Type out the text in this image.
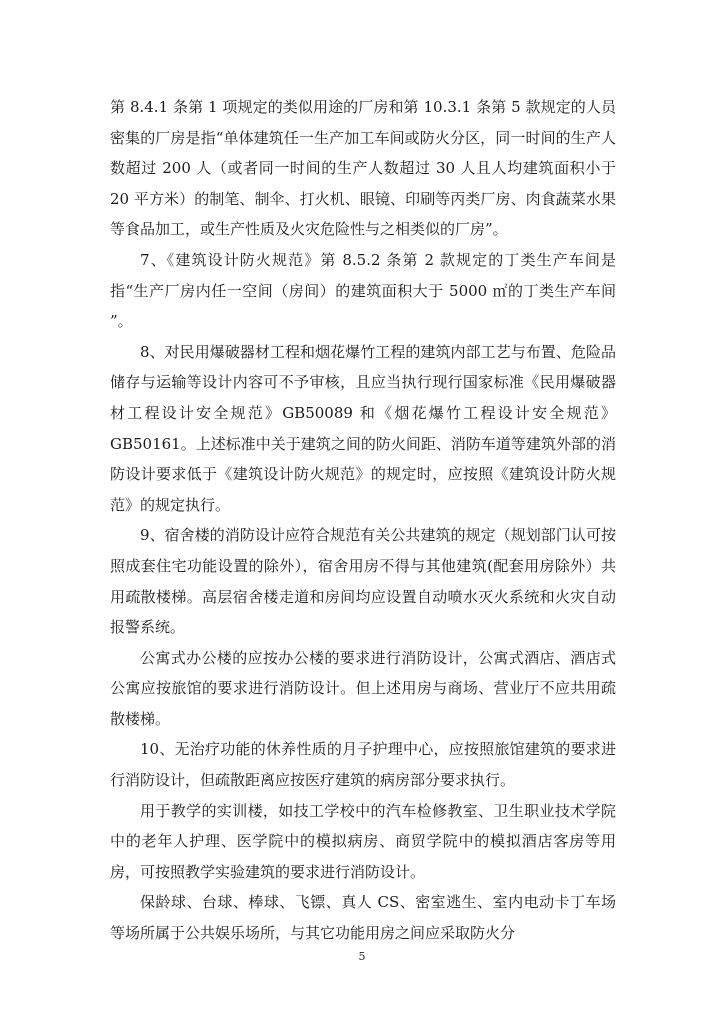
第 8.4.1 条第 1 项规定的类似用途的厂房和第 10.3.1 条第 5 款规定的人员密集的厂房是指“单体建筑任一生产加工车间或防火分区，同一时间的生产人数超过 200 人（或者同一时间的生产人数超过 30 人且人均建筑面积小于 20 平方米）的制笔、制伞、打火机、眼镜、印刷等丙类厂房、肉食蔬菜水果等食品加工，或生产性质及火灾危险性与之相类似的厂房”。

7、《建筑设计防火规范》第 8.5.2 条第 2 款规定的丁类生产车间是指“生产厂房内任一空间（房间）的建筑面积大于 5000 ㎡的丁类生产车间 ”。

8、对民用爆破器材工程和烟花爆竹工程的建筑内部工艺与布置、危险品储存与运输等设计内容可不予审核，且应当执行现行国家标准《民用爆破器材工程设计安全规范》GB50089 和《烟花爆竹工程设计安全规范》GB50161。上述标准中关于建筑之间的防火间距、消防车道等建筑外部的消防设计要求低于《建筑设计防火规范》的规定时，应按照《建筑设计防火规范》的规定执行。

9、宿舍楼的消防设计应符合规范有关公共建筑的规定（规划部门认可按照成套住宅功能设置的除外），宿舍用房不得与其他建筑(配套用房除外）共用疏散楼梯。高层宿舍楼走道和房间均应设置自动喷水灭火系统和火灾自动报警系统。

公寓式办公楼的应按办公楼的要求进行消防设计，公寓式酒店、酒店式公寓应按旅馆的要求进行消防设计。但上述用房与商场、营业厅不应共用疏散楼梯。

10、无治疗功能的休养性质的月子护理中心，应按照旅馆建筑的要求进行消防设计，但疏散距离应按医疗建筑的病房部分要求执行。

用于教学的实训楼，如技工学校中的汽车检修教室、卫生职业技术学院中的老年人护理、医学院中的模拟病房、商贸学院中的模拟酒店客房等用房，可按照教学实验建筑的要求进行消防设计。

保龄球、台球、棒球、飞镖、真人 CS、密室逃生、室内电动卡丁车场等场所属于公共娱乐场所，与其它功能用房之间应采取防火分

5
